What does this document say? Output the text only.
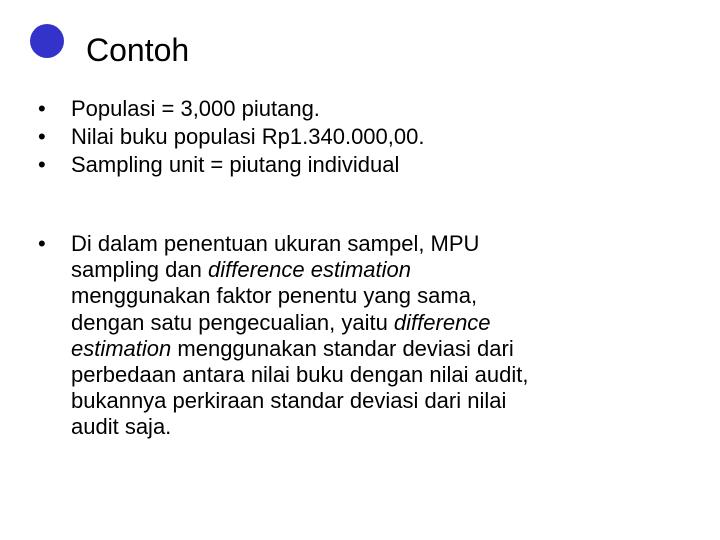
Contoh
• Populasi = 3,000 piutang.
• Nilai buku populasi Rp1.340.000,00.
• Sampling unit = piutang individual
• Di dalam penentuan ukuran sampel, MPU
sampling dan difference estimation
menggunakan faktor penentu yang sama,
dengan satu pengecualian, yaitu difference
estimation menggunakan standar deviasi dari
perbedaan antara nilai buku dengan nilai audit,
bukannya perkiraan standar deviasi dari nilai
audit saja.
